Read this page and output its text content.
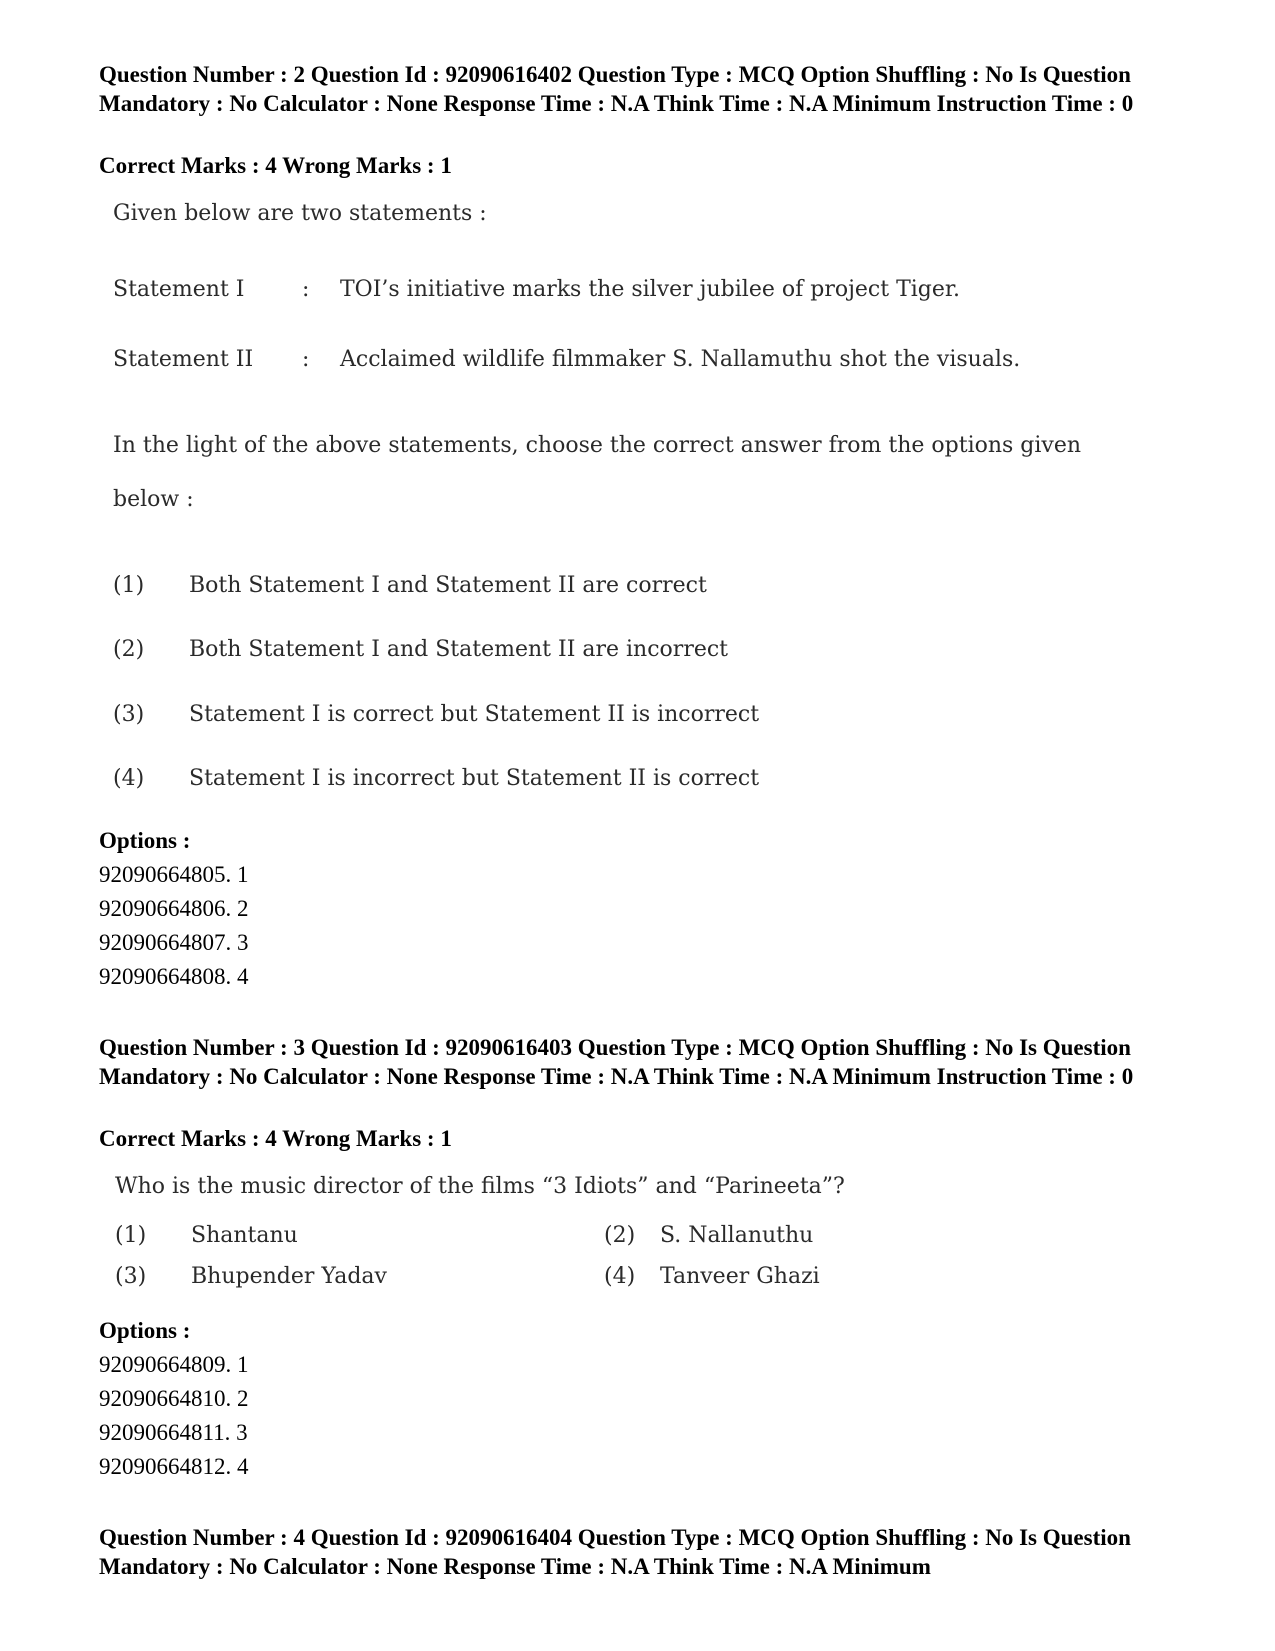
Question Number : 2 Question Id : 92090616402 Question Type : MCQ Option Shuffling : No Is Question Mandatory : No Calculator : None Response Time : N.A Think Time : N.A Minimum Instruction Time : 0

Correct Marks : 4 Wrong Marks : 1
Given below are two statements :
Statement I	: TOI’s initiative marks the silver jubilee of project Tiger.
Statement II : Acclaimed wildlife filmmaker S. Nallamuthu shot the visuals.
In the light of the above statements, choose the correct answer from the options given
below :
(1) Both Statement I and Statement II are correct
(2) Both Statement I and Statement II are incorrect
(3) Statement I is correct but Statement II is incorrect
(4) Statement I is incorrect but Statement II is correct
Options :
92090664805. 1
92090664806. 2
92090664807. 3
92090664808. 4

Question Number : 3 Question Id : 92090616403 Question Type : MCQ Option Shuffling : No Is Question Mandatory : No Calculator : None Response Time : N.A Think Time : N.A Minimum Instruction Time : 0

Correct Marks : 4 Wrong Marks : 1
Who is the music director of the films “3 Idiots” and “Parineeta”?
(1) Shantanu	(2) S. Nallanuthu
(3) Bhupender Yadav	(4) Tanveer Ghazi
Options :
92090664809. 1
92090664810. 2
92090664811. 3
92090664812. 4

Question Number : 4 Question Id : 92090616404 Question Type : MCQ Option Shuffling : No Is Question Mandatory : No Calculator : None Response Time : N.A Think Time : N.A Minimum
